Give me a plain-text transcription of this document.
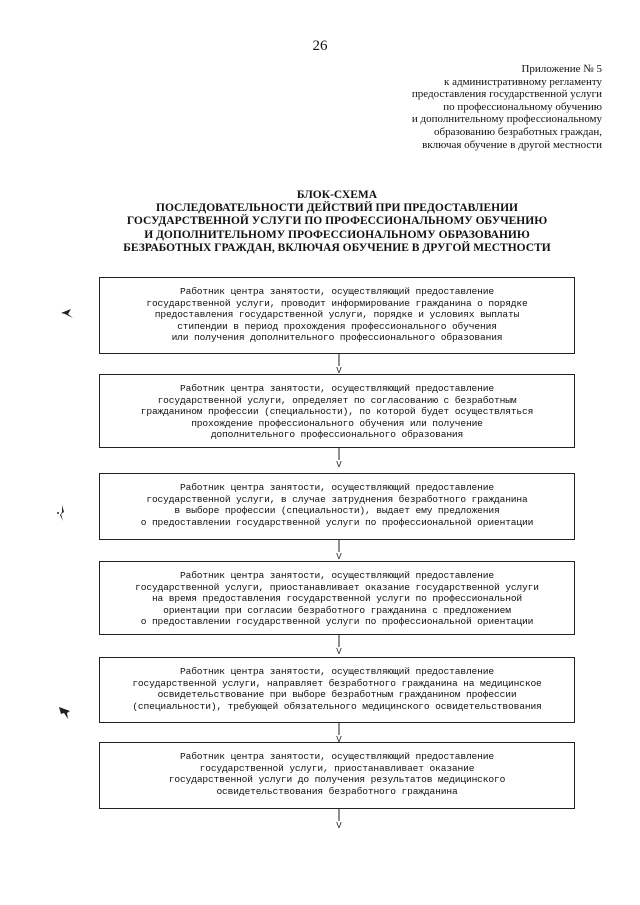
26
Приложение № 5
к административному регламенту
предоставления государственной услуги
по профессиональному обучению
и дополнительному профессиональному
образованию безработных граждан,
включая обучение в другой местности
БЛОК-СХЕМА
ПОСЛЕДОВАТЕЛЬНОСТИ ДЕЙСТВИЙ ПРИ ПРЕДОСТАВЛЕНИИ
ГОСУДАРСТВЕННОЙ УСЛУГИ ПО ПРОФЕССИОНАЛЬНОМУ ОБУЧЕНИЮ
И ДОПОЛНИТЕЛЬНОМУ ПРОФЕССИОНАЛЬНОМУ ОБРАЗОВАНИЮ
БЕЗРАБОТНЫХ ГРАЖДАН, ВКЛЮЧАЯ ОБУЧЕНИЕ В ДРУГОЙ МЕСТНОСТИ
Работник центра занятости, осуществляющий предоставление
государственной услуги, проводит информирование гражданина о порядке
предоставления государственной услуги, порядке и условиях выплаты
стипендии в период прохождения профессионального обучения
или получения дополнительного профессионального образования
V
Работник центра занятости, осуществляющий предоставление
государственной услуги, определяет по согласованию с безработным
гражданином профессии (специальности), по которой будет осуществляться
прохождение профессионального обучения или получение
дополнительного профессионального образования
V
Работник центра занятости, осуществляющий предоставление
государственной услуги, в случае затруднения безработного гражданина
в выборе профессии (специальности), выдает ему предложения
о предоставлении государственной услуги по профессиональной ориентации
V
Работник центра занятости, осуществляющий предоставление
государственной услуги, приостанавливает оказание государственной услуги
на время предоставления государственной услуги по профессиональной
ориентации при согласии безработного гражданина с предложением
о предоставлении государственной услуги по профессиональной ориентации
V
Работник центра занятости, осуществляющий предоставление
государственной услуги, направляет безработного гражданина на медицинское
освидетельствование при выборе безработным гражданином профессии
(специальности), требующей обязательного медицинского освидетельствования
V
Работник центра занятости, осуществляющий предоставление
государственной услуги, приостанавливает оказание
государственной услуги до получения результатов медицинского
освидетельствования безработного гражданина
V
